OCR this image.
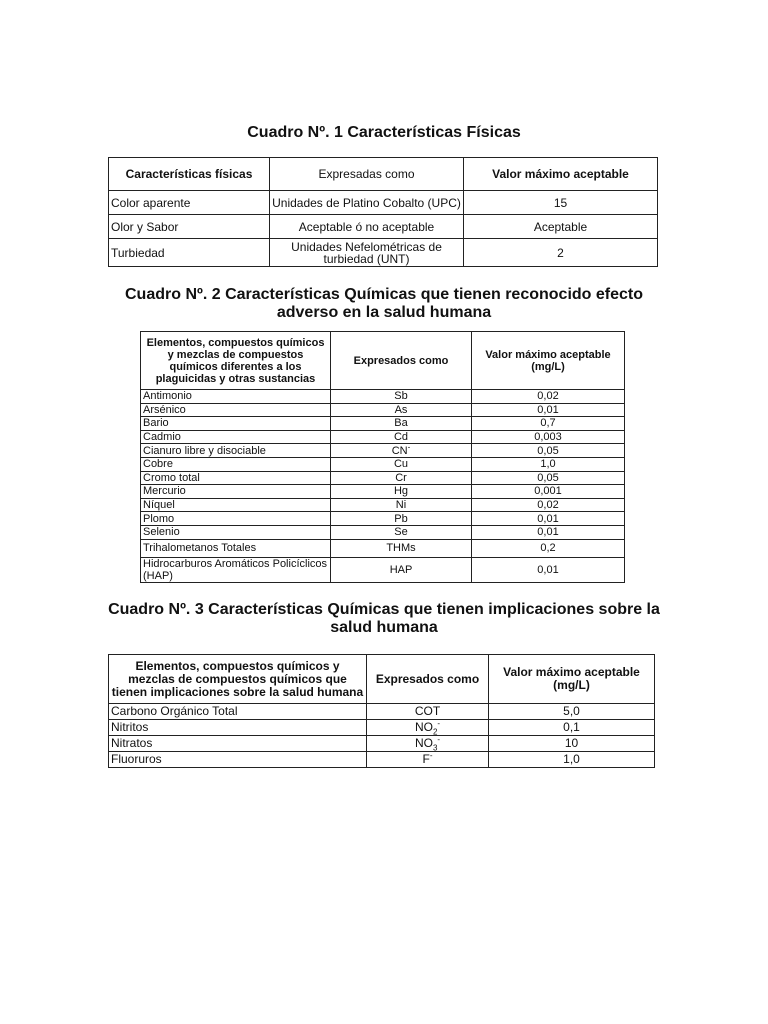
Cuadro Nº. 1 Características Físicas
Características físicas	Expresadas como	Valor máximo aceptable
Color aparente	Unidades de Platino Cobalto (UPC)	15
Olor y Sabor	Aceptable ó no aceptable	Aceptable
Turbiedad	Unidades Nefelométricas de turbiedad (UNT)	2
Cuadro Nº. 2 Características Químicas que tienen reconocido efecto adverso en la salud humana
Elementos, compuestos químicos y mezclas de compuestos químicos diferentes a los plaguicidas y otras sustancias	Expresados como	Valor máximo aceptable (mg/L)
Antimonio	Sb	0,02
Arsénico	As	0,01
Bario	Ba	0,7
Cadmio	Cd	0,003
Cianuro libre y disociable	CN-	0,05
Cobre	Cu	1,0
Cromo total	Cr	0,05
Mercurio	Hg	0,001
Níquel	Ni	0,02
Plomo	Pb	0,01
Selenio	Se	0,01
Trihalometanos Totales	THMs	0,2
Hidrocarburos Aromáticos Policíclicos (HAP)	HAP	0,01
Cuadro Nº. 3 Características Químicas que tienen implicaciones sobre la salud humana
Elementos, compuestos químicos y mezclas de compuestos químicos que tienen implicaciones sobre la salud humana	Expresados como	Valor máximo aceptable (mg/L)
Carbono Orgánico Total	COT	5,0
Nitritos	$NO_2^-$	0,1
Nitratos	$NO_3^-$	10
Fluoruros	F-	1,0
